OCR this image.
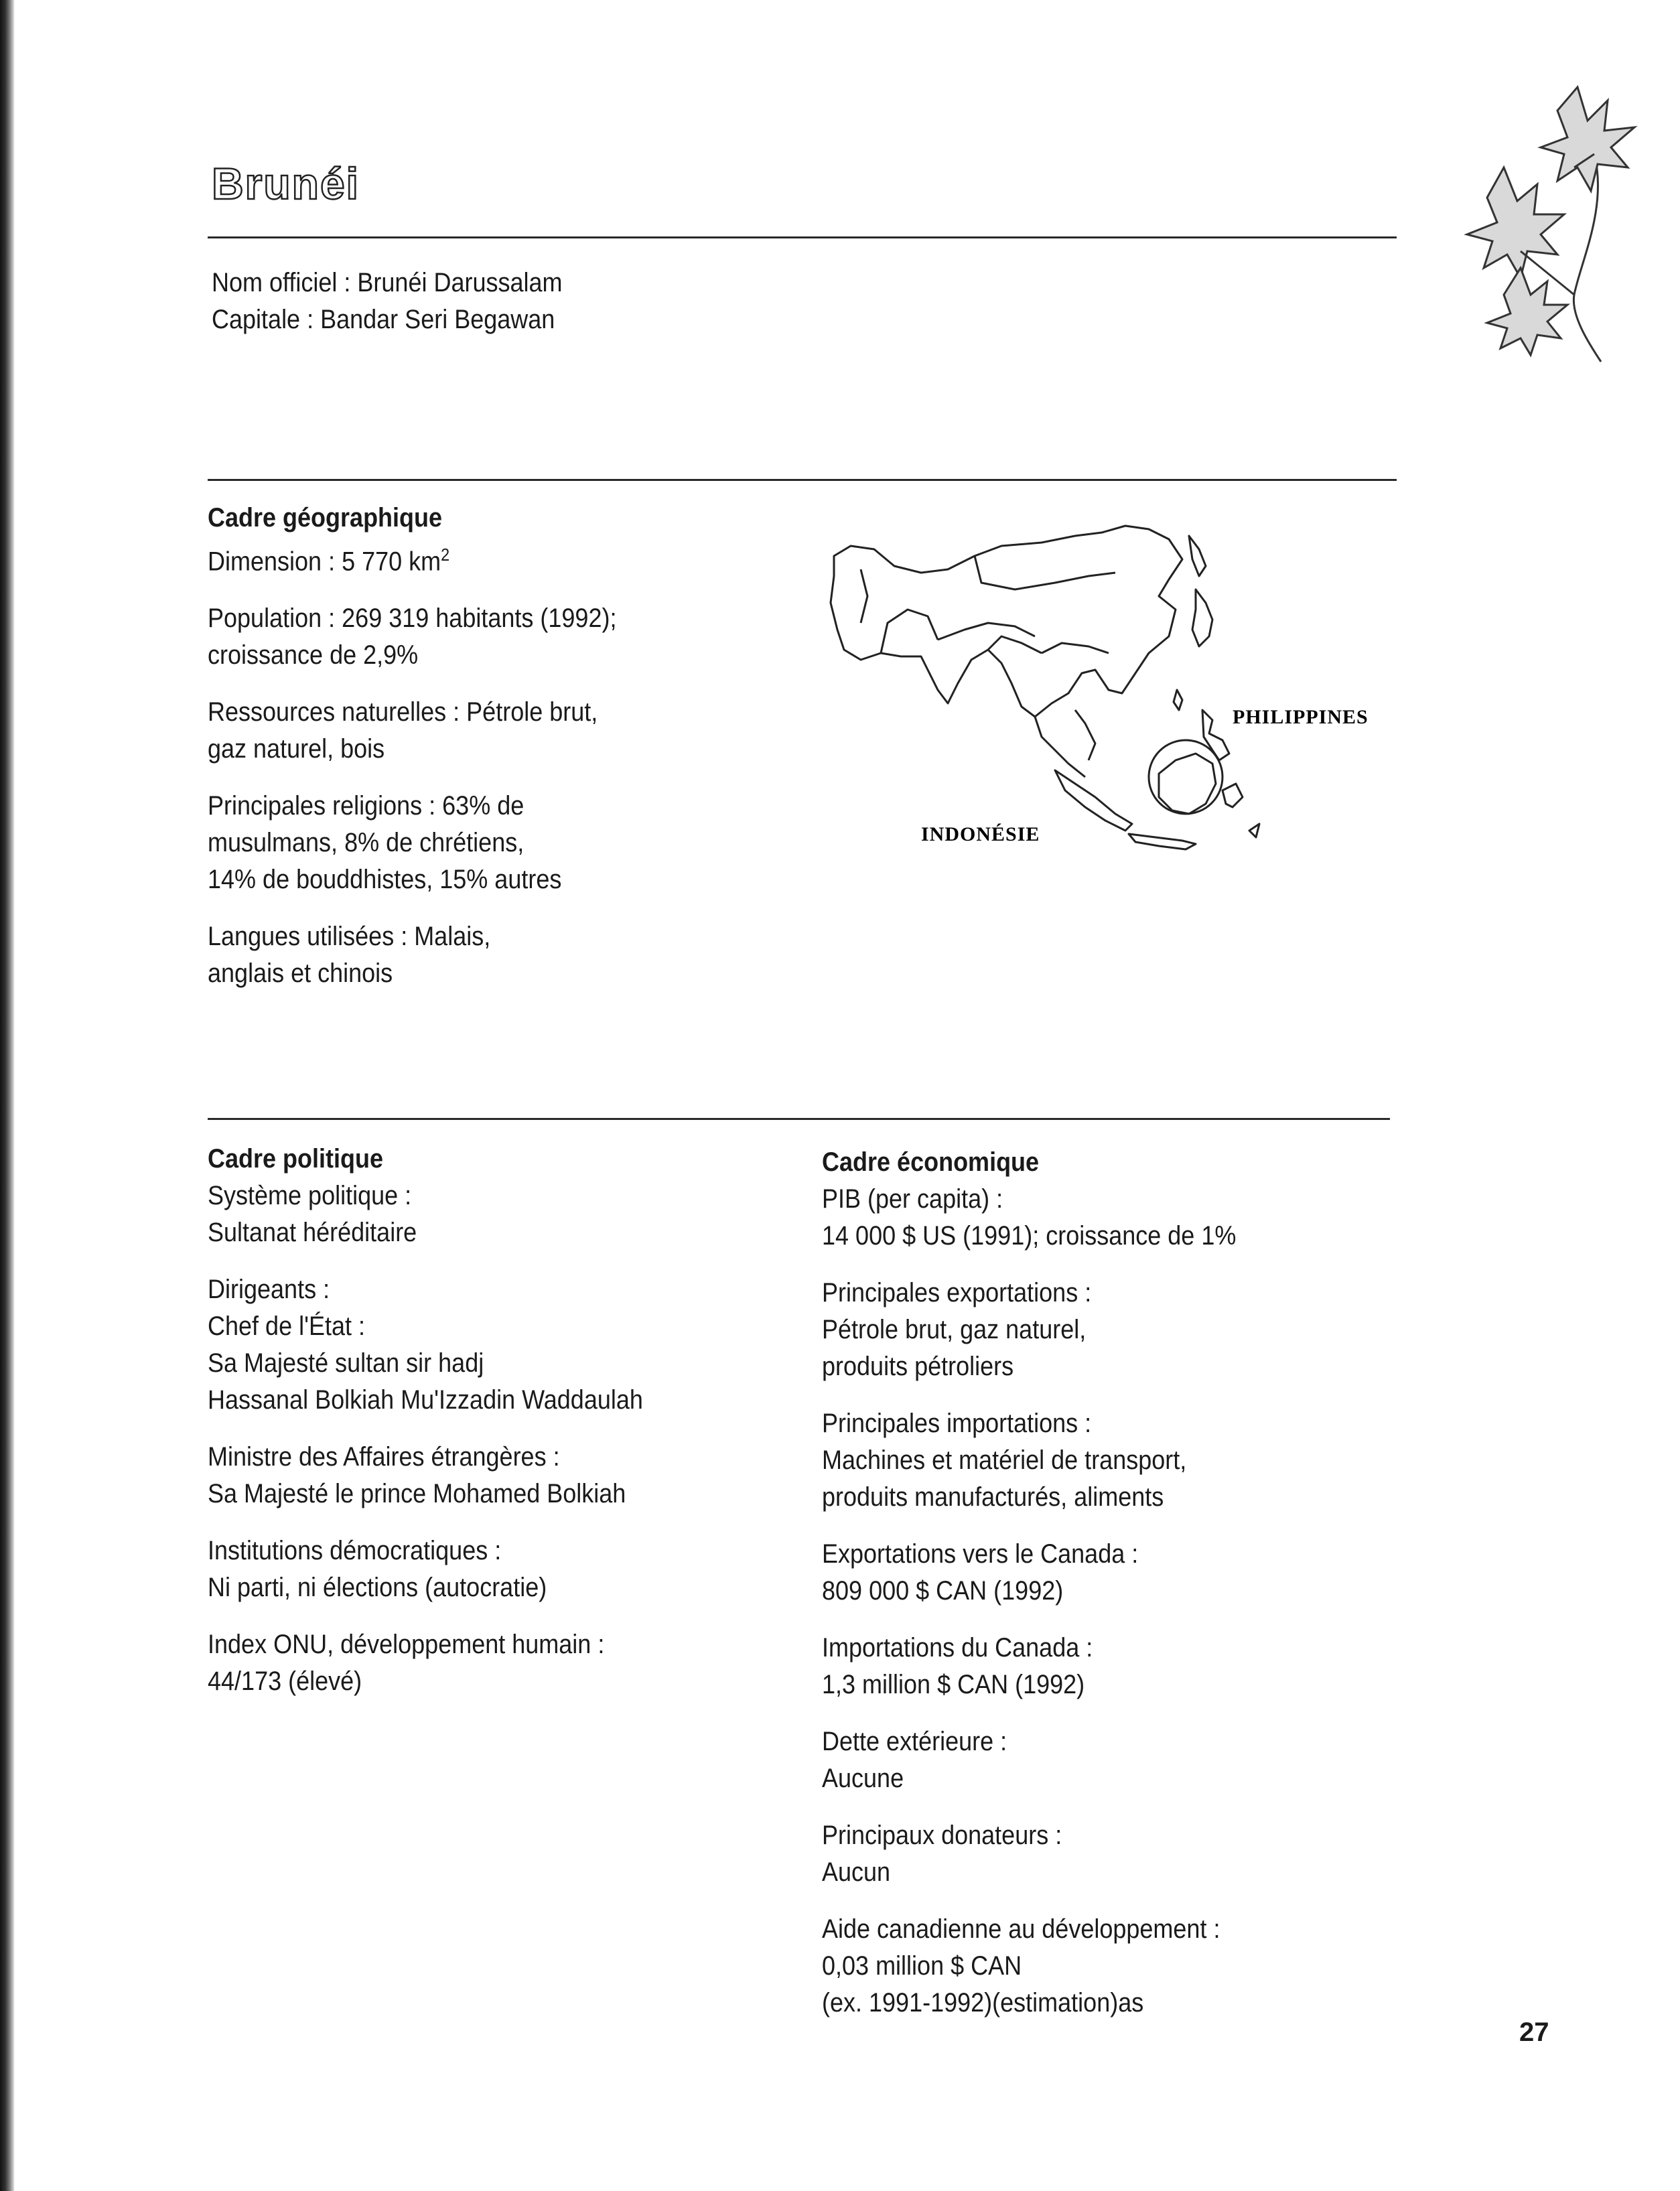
Brunéi
Nom officiel : Brunéi Darussalam
Capitale : Bandar Seri Begawan

Cadre géographique

Dimension : 5 770 $km^2$
Population : 269 319 habitants (1992);
croissance de 2,9%
Ressources naturelles : Pétrole brut,
gaz naturel, bois
Principales religions : 63% de
musulmans, 8% de chrétiens,
14% de bouddhistes, 15% autres
Langues utilisées : Malais,
anglais et chinois
PHILIPPINES
INDONÉSIE

Cadre politique

Système politique :
Sultanat héréditaire
Dirigeants :
Chef de l'État :
Sa Majesté sultan sir hadj
Hassanal Bolkiah Mu'Izzadin Waddaulah
Ministre des Affaires étrangères :
Sa Majesté le prince Mohamed Bolkiah
Institutions démocratiques :
Ni parti, ni élections (autocratie)
Index ONU, développement humain :
44/173 (élevé)

Cadre économique

PIB (per capita) :
14 000 $ US (1991); croissance de 1%
Principales exportations :
Pétrole brut, gaz naturel,
produits pétroliers
Principales importations :
Machines et matériel de transport,
produits manufacturés, aliments
Exportations vers le Canada :
809 000 $ CAN (1992)
Importations du Canada :
1,3 million $ CAN (1992)
Dette extérieure :
Aucune
Principaux donateurs :
Aucun
Aide canadienne au développement :
0,03 million $ CAN
(ex. 1991-1992)(estimation)as
27
